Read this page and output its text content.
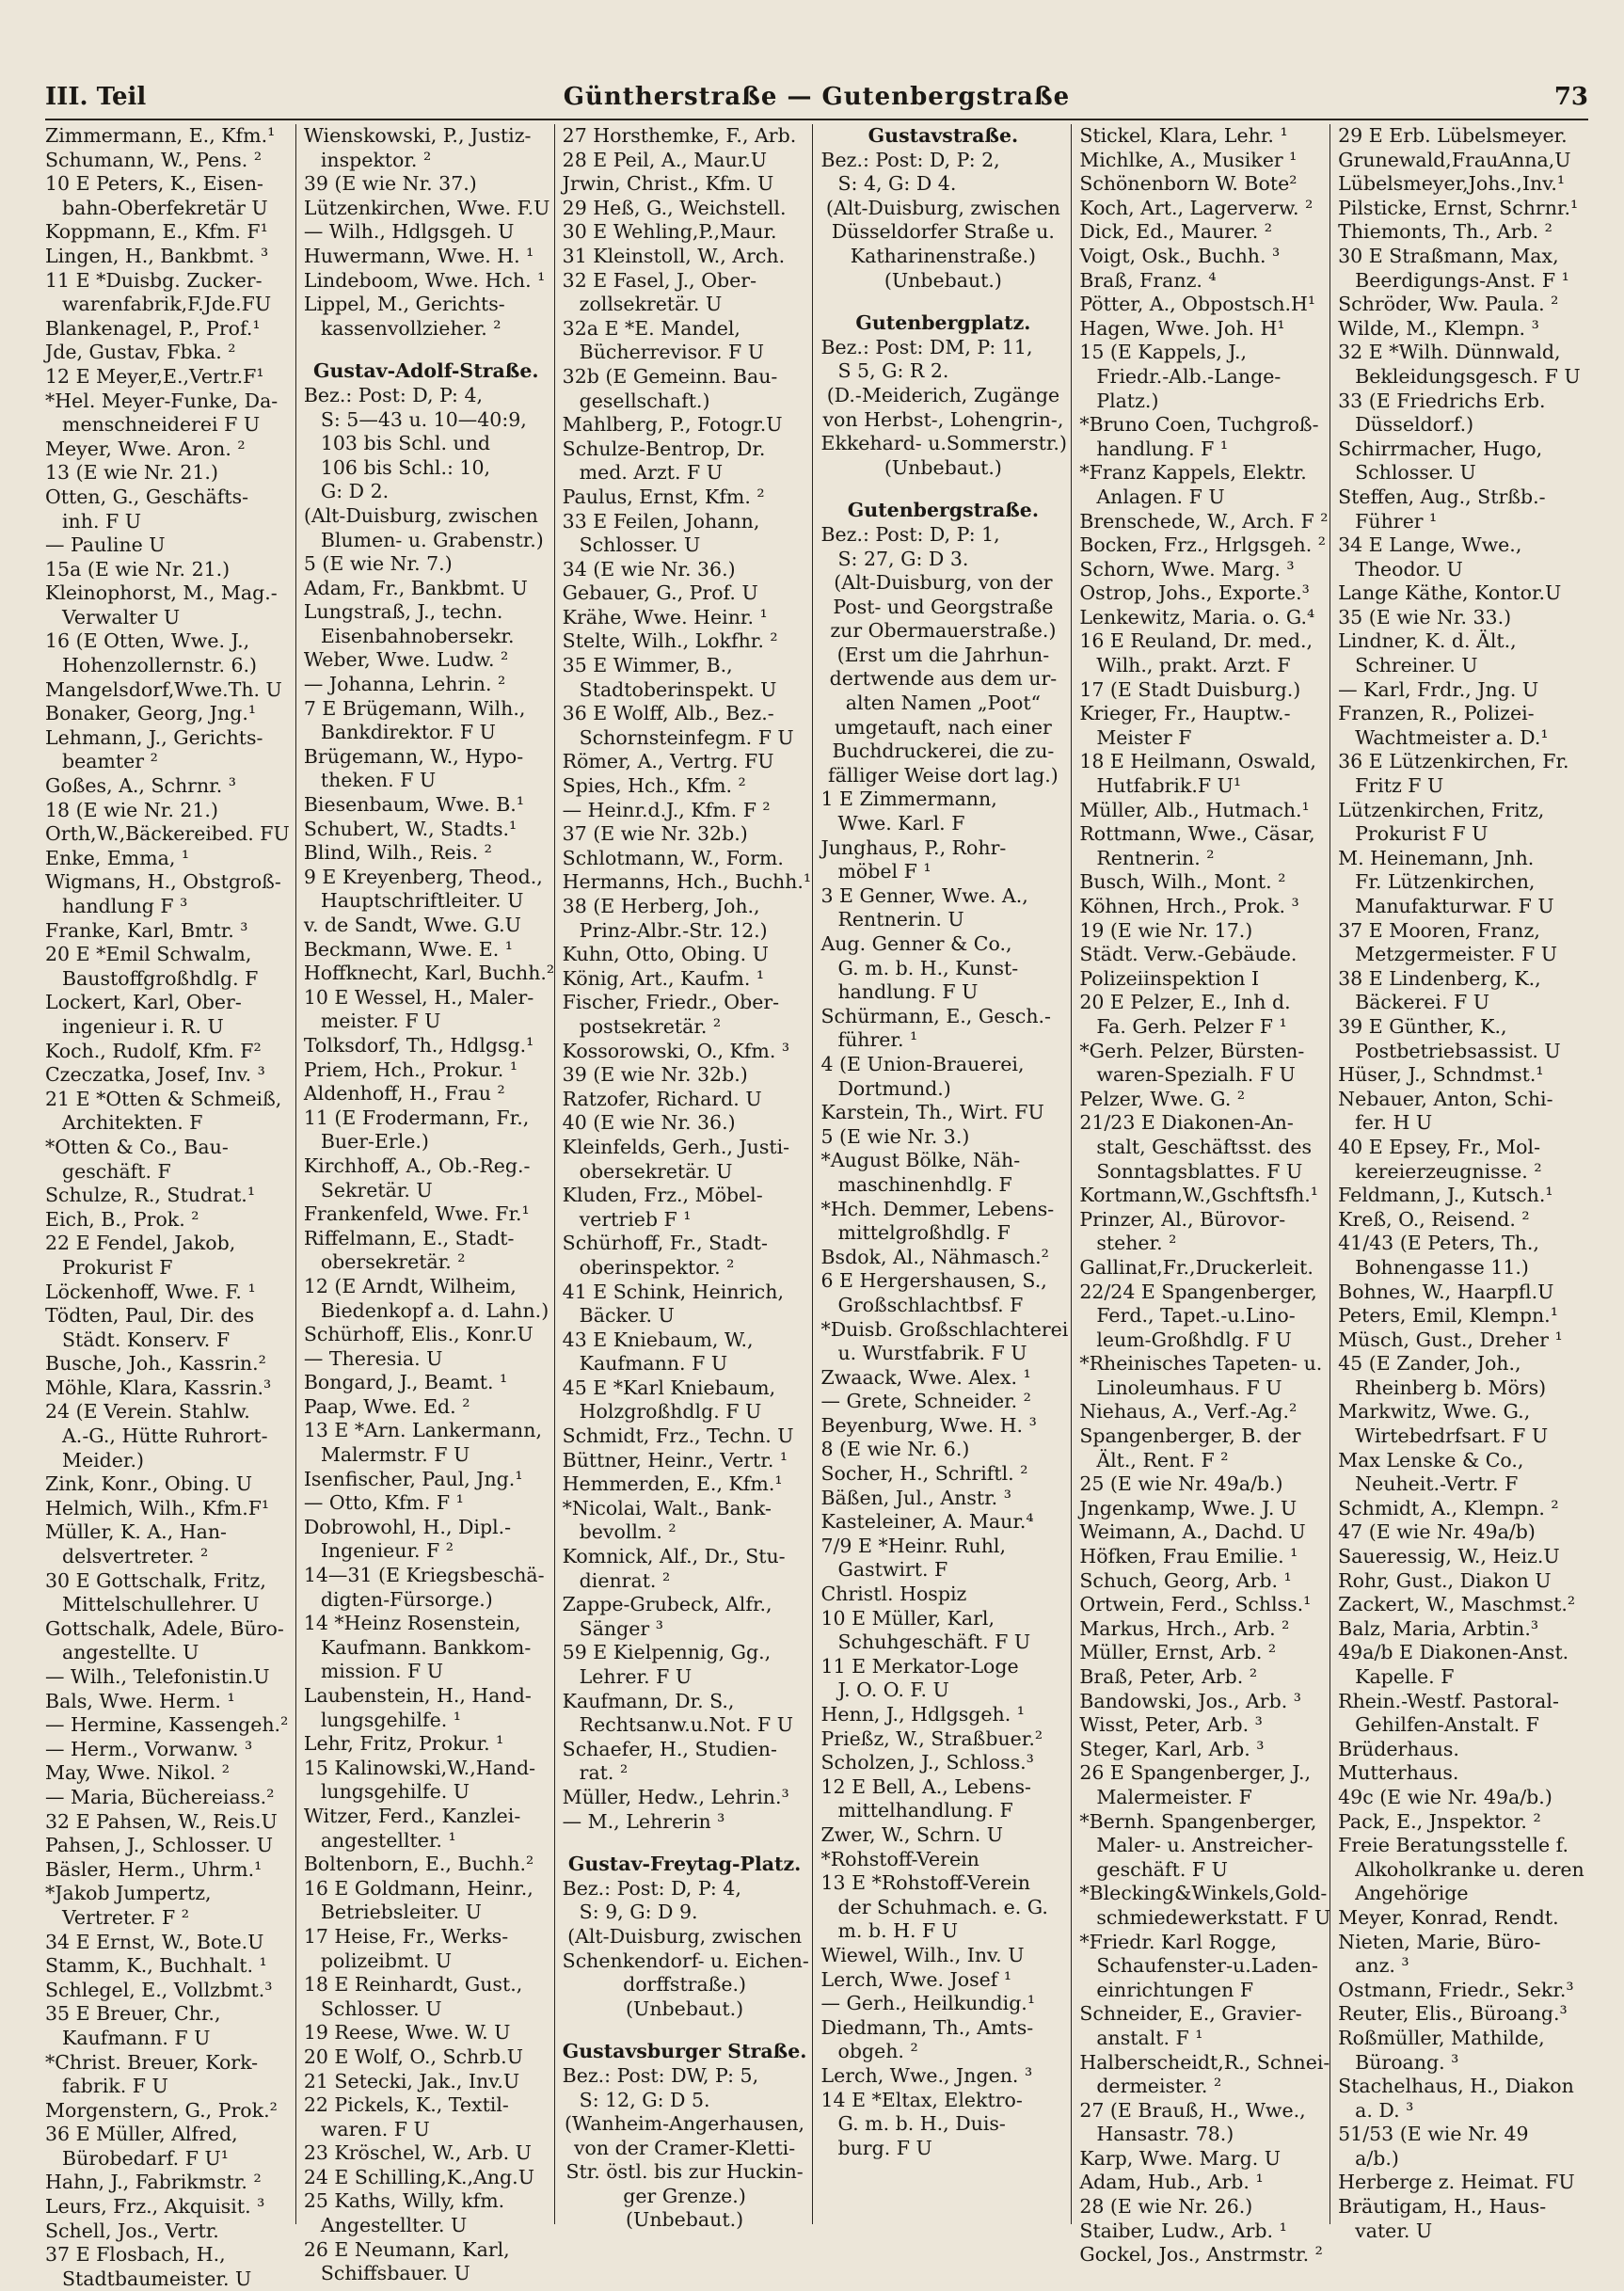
III. Teil	Güntherstraße — Gutenbergstraße	73
Zimmermann, E., Kfm.¹
Schumann, W., Pens. ²
10 E Peters, K., Eisen-
bahn-Oberfekretär U
Koppmann, E., Kfm. F¹
Lingen, H., Bankbmt. ³
11 E *Duisbg. Zucker-
warenfabrik,F.Jde.FU
Blankenagel, P., Prof.¹
Jde, Gustav, Fbka. ²
12 E Meyer,E.,Vertr.F¹
*Hel. Meyer-Funke, Da-
menschneiderei F U
Meyer, Wwe. Aron. ²
13 (E wie Nr. 21.)
Otten, G., Geschäfts-
inh. F U
— Pauline U
15a (E wie Nr. 21.)
Kleinophorst, M., Mag.-
Verwalter U
16 (E Otten, Wwe. J.,
Hohenzollernstr. 6.)
Mangelsdorf,Wwe.Th. U
Bonaker, Georg, Jng.¹
Lehmann, J., Gerichts-
beamter ²
Goßes, A., Schrnr. ³
18 (E wie Nr. 21.)
Orth,W.,Bäckereibed. FU
Enke, Emma, ¹
Wigmans, H., Obstgroß-
handlung F ³
Franke, Karl, Bmtr. ³
20 E *Emil Schwalm,
Baustoffgroßhdlg. F
Lockert, Karl, Ober-
ingenieur i. R. U
Koch., Rudolf, Kfm. F²
Czeczatka, Josef, Inv. ³
21 E *Otten & Schmeiß,
Architekten. F
*Otten & Co., Bau-
geschäft. F
Schulze, R., Studrat.¹
Eich, B., Prok. ²
22 E Fendel, Jakob,
Prokurist F
Löckenhoff, Wwe. F. ¹
Tödten, Paul, Dir. des
Städt. Konserv. F
Busche, Joh., Kassrin.²
Möhle, Klara, Kassrin.³
24 (E Verein. Stahlw.
A.-G., Hütte Ruhrort-
Meider.)
Zink, Konr., Obing. U
Helmich, Wilh., Kfm.F¹
Müller, K. A., Han-
delsvertreter. ²
30 E Gottschalk, Fritz,
Mittelschullehrer. U
Gottschalk, Adele, Büro-
angestellte. U
— Wilh., Telefonistin.U
Bals, Wwe. Herm. ¹
— Hermine, Kassengeh.²
— Herm., Vorwanw. ³
May, Wwe. Nikol. ²
— Maria, Büchereiass.²
32 E Pahsen, W., Reis.U
Pahsen, J., Schlosser. U
Bäsler, Herm., Uhrm.¹
*Jakob Jumpertz,
Vertreter. F ²
34 E Ernst, W., Bote.U
Stamm, K., Buchhalt. ¹
Schlegel, E., Vollzbmt.³
35 E Breuer, Chr.,
Kaufmann. F U
*Christ. Breuer, Kork-
fabrik. F U
Morgenstern, G., Prok.²
36 E Müller, Alfred,
Bürobedarf. F U¹
Hahn, J., Fabrikmstr. ²
Leurs, Frz., Akquisit. ³
Schell, Jos., Vertr.
37 E Flosbach, H.,
Stadtbaumeister. U
Wienskowski, P., Justiz-
inspektor. ²
39 (E wie Nr. 37.)
Lützenkirchen, Wwe. F.U
— Wilh., Hdlgsgeh. U
Huwermann, Wwe. H. ¹
Lindeboom, Wwe. Hch. ¹
Lippel, M., Gerichts-
kassenvollzieher. ²
Gustav-Adolf-Straße.
Bez.: Post: D, P: 4,
S: 5—43 u. 10—40:9,
103 bis Schl. und
106 bis Schl.: 10,
G: D 2.
(Alt-Duisburg, zwischen
Blumen- u. Grabenstr.)
5 (E wie Nr. 7.)
Adam, Fr., Bankbmt. U
Lungstraß, J., techn.
Eisenbahnobersekr.
Weber, Wwe. Ludw. ²
— Johanna, Lehrin. ²
7 E Brügemann, Wilh.,
Bankdirektor. F U
Brügemann, W., Hypo-
theken. F U
Biesenbaum, Wwe. B.¹
Schubert, W., Stadts.¹
Blind, Wilh., Reis. ²
9 E Kreyenberg, Theod.,
Hauptschriftleiter. U
v. de Sandt, Wwe. G.U
Beckmann, Wwe. E. ¹
Hoffknecht, Karl, Buchh.²
10 E Wessel, H., Maler-
meister. F U
Tolksdorf, Th., Hdlgsg.¹
Priem, Hch., Prokur. ¹
Aldenhoff, H., Frau ²
11 (E Frodermann, Fr.,
Buer-Erle.)
Kirchhoff, A., Ob.-Reg.-
Sekretär. U
Frankenfeld, Wwe. Fr.¹
Riffelmann, E., Stadt-
obersekretär. ²
12 (E Arndt, Wilheim,
Biedenkopf a. d. Lahn.)
Schürhoff, Elis., Konr.U
— Theresia. U
Bongard, J., Beamt. ¹
Paap, Wwe. Ed. ²
13 E *Arn. Lankermann,
Malermstr. F U
Isenfischer, Paul, Jng.¹
— Otto, Kfm. F ¹
Dobrowohl, H., Dipl.-
Ingenieur. F ²
14—31 (E Kriegsbeschä-
digten-Fürsorge.)
14 *Heinz Rosenstein,
Kaufmann. Bankkom-
mission. F U
Laubenstein, H., Hand-
lungsgehilfe. ¹
Lehr, Fritz, Prokur. ¹
15 Kalinowski,W.,Hand-
lungsgehilfe. U
Witzer, Ferd., Kanzlei-
angestellter. ¹
Boltenborn, E., Buchh.²
16 E Goldmann, Heinr.,
Betriebsleiter. U
17 Heise, Fr., Werks-
polizeibmt. U
18 E Reinhardt, Gust.,
Schlosser. U
19 Reese, Wwe. W. U
20 E Wolf, O., Schrb.U
21 Setecki, Jak., Inv.U
22 Pickels, K., Textil-
waren. F U
23 Kröschel, W., Arb. U
24 E Schilling,K.,Ang.U
25 Kaths, Willy, kfm.
Angestellter. U
26 E Neumann, Karl,
Schiffsbauer. U
27 Horsthemke, F., Arb.
28 E Peil, A., Maur.U
Jrwin, Christ., Kfm. U
29 Heß, G., Weichstell.
30 E Wehling,P.,Maur.
31 Kleinstoll, W., Arch.
32 E Fasel, J., Ober-
zollsekretär. U
32a E *E. Mandel,
Bücherrevisor. F U
32b (E Gemeinn. Bau-
gesellschaft.)
Mahlberg, P., Fotogr.U
Schulze-Bentrop, Dr.
med. Arzt. F U
Paulus, Ernst, Kfm. ²
33 E Feilen, Johann,
Schlosser. U
34 (E wie Nr. 36.)
Gebauer, G., Prof. U
Krähe, Wwe. Heinr. ¹
Stelte, Wilh., Lokfhr. ²
35 E Wimmer, B.,
Stadtoberinspekt. U
36 E Wolff, Alb., Bez.-
Schornsteinfegm. F U
Römer, A., Vertrg. FU
Spies, Hch., Kfm. ²
— Heinr.d.J., Kfm. F ²
37 (E wie Nr. 32b.)
Schlotmann, W., Form.
Hermanns, Hch., Buchh.¹
38 (E Herberg, Joh.,
Prinz-Albr.-Str. 12.)
Kuhn, Otto, Obing. U
König, Art., Kaufm. ¹
Fischer, Friedr., Ober-
postsekretär. ²
Kossorowski, O., Kfm. ³
39 (E wie Nr. 32b.)
Ratzofer, Richard. U
40 (E wie Nr. 36.)
Kleinfelds, Gerh., Justi-
obersekretär. U
Kluden, Frz., Möbel-
vertrieb F ¹
Schürhoff, Fr., Stadt-
oberinspektor. ²
41 E Schink, Heinrich,
Bäcker. U
43 E Kniebaum, W.,
Kaufmann. F U
45 E *Karl Kniebaum,
Holzgroßhdlg. F U
Schmidt, Frz., Techn. U
Büttner, Heinr., Vertr. ¹
Hemmerden, E., Kfm.¹
*Nicolai, Walt., Bank-
bevollm. ²
Komnick, Alf., Dr., Stu-
dienrat. ²
Zappe-Grubeck, Alfr.,
Sänger ³
59 E Kielpennig, Gg.,
Lehrer. F U
Kaufmann, Dr. S.,
Rechtsanw.u.Not. F U
Schaefer, H., Studien-
rat. ²
Müller, Hedw., Lehrin.³
— M., Lehrerin ³
Gustav-Freytag-Platz.
Bez.: Post: D, P: 4,
S: 9, G: D 9.
(Alt-Duisburg, zwischen
Schenkendorf- u. Eichen-
dorffstraße.)
(Unbebaut.)
Gustavsburger Straße.
Bez.: Post: DW, P: 5,
S: 12, G: D 5.
(Wanheim-Angerhausen,
von der Cramer-Kletti-
Str. östl. bis zur Huckin-
ger Grenze.)
(Unbebaut.)
Gustavstraße.
Bez.: Post: D, P: 2,
S: 4, G: D 4.
(Alt-Duisburg, zwischen
Düsseldorfer Straße u.
Katharinenstraße.)
(Unbebaut.)
Gutenbergplatz.
Bez.: Post: DM, P: 11,
S 5, G: R 2.
(D.-Meiderich, Zugänge
von Herbst-, Lohengrin-,
Ekkehard- u.Sommerstr.)
(Unbebaut.)
Gutenbergstraße.
Bez.: Post: D, P: 1,
S: 27, G: D 3.
(Alt-Duisburg, von der
Post- und Georgstraße
zur Obermauerstraße.)
(Erst um die Jahrhun-
dertwende aus dem ur-
alten Namen „Poot“
umgetauft, nach einer
Buchdruckerei, die zu-
fälliger Weise dort lag.)
1 E Zimmermann,
Wwe. Karl. F
Junghaus, P., Rohr-
möbel F ¹
3 E Genner, Wwe. A.,
Rentnerin. U
Aug. Genner & Co.,
G. m. b. H., Kunst-
handlung. F U
Schürmann, E., Gesch.-
führer. ¹
4 (E Union-Brauerei,
Dortmund.)
Karstein, Th., Wirt. FU
5 (E wie Nr. 3.)
*August Bölke, Näh-
maschinenhdlg. F
*Hch. Demmer, Lebens-
mittelgroßhdlg. F
Bsdok, Al., Nähmasch.²
6 E Hergershausen, S.,
Großschlachtbsf. F
*Duisb. Großschlachterei
u. Wurstfabrik. F U
Zwaack, Wwe. Alex. ¹
— Grete, Schneider. ²
Beyenburg, Wwe. H. ³
8 (E wie Nr. 6.)
Socher, H., Schriftl. ²
Bäßen, Jul., Anstr. ³
Kasteleiner, A. Maur.⁴
7/9 E *Heinr. Ruhl,
Gastwirt. F
Christl. Hospiz
10 E Müller, Karl,
Schuhgeschäft. F U
11 E Merkator-Loge
J. O. O. F. U
Henn, J., Hdlgsgeh. ¹
Prießz, W., Straßbuer.²
Scholzen, J., Schloss.³
12 E Bell, A., Lebens-
mittelhandlung. F
Zwer, W., Schrn. U
*Rohstoff-Verein
13 E *Rohstoff-Verein
der Schuhmach. e. G.
m. b. H. F U
Wiewel, Wilh., Inv. U
Lerch, Wwe. Josef ¹
— Gerh., Heilkundig.¹
Diedmann, Th., Amts-
obgeh. ²
Lerch, Wwe., Jngen. ³
14 E *Eltax, Elektro-
G. m. b. H., Duis-
burg. F U
Stickel, Klara, Lehr. ¹
Michlke, A., Musiker ¹
Schönenborn W. Bote²
Koch, Art., Lagerverw. ²
Dick, Ed., Maurer. ²
Voigt, Osk., Buchh. ³
Braß, Franz. ⁴
Pötter, A., Obpostsch.H¹
Hagen, Wwe. Joh. H¹
15 (E Kappels, J.,
Friedr.-Alb.-Lange-
Platz.)
*Bruno Coen, Tuchgroß-
handlung. F ¹
*Franz Kappels, Elektr.
Anlagen. F U
Brenschede, W., Arch. F ²
Bocken, Frz., Hrlgsgeh. ²
Schorn, Wwe. Marg. ³
Ostrop, Johs., Exporte.³
Lenkewitz, Maria. o. G.⁴
16 E Reuland, Dr. med.,
Wilh., prakt. Arzt. F
17 (E Stadt Duisburg.)
Krieger, Fr., Hauptw.-
Meister F
18 E Heilmann, Oswald,
Hutfabrik.F U¹
Müller, Alb., Hutmach.¹
Rottmann, Wwe., Cäsar,
Rentnerin. ²
Busch, Wilh., Mont. ²
Köhnen, Hrch., Prok. ³
19 (E wie Nr. 17.)
Städt. Verw.-Gebäude.
Polizeiinspektion I
20 E Pelzer, E., Inh d.
Fa. Gerh. Pelzer F ¹
*Gerh. Pelzer, Bürsten-
waren-Spezialh. F U
Pelzer, Wwe. G. ²
21/23 E Diakonen-An-
stalt, Geschäftsst. des
Sonntagsblattes. F U
Kortmann,W.,Gschftsfh.¹
Prinzer, Al., Bürovor-
steher. ²
Gallinat,Fr.,Druckerleit.
22/24 E Spangenberger,
Ferd., Tapet.-u.Lino-
leum-Großhdlg. F U
*Rheinisches Tapeten- u.
Linoleumhaus. F U
Niehaus, A., Verf.-Ag.²
Spangenberger, B. der
Ält., Rent. F ²
25 (E wie Nr. 49a/b.)
Jngenkamp, Wwe. J. U
Weimann, A., Dachd. U
Höfken, Frau Emilie. ¹
Schuch, Georg, Arb. ¹
Ortwein, Ferd., Schlss.¹
Markus, Hrch., Arb. ²
Müller, Ernst, Arb. ²
Braß, Peter, Arb. ²
Bandowski, Jos., Arb. ³
Wisst, Peter, Arb. ³
Steger, Karl, Arb. ³
26 E Spangenberger, J.,
Malermeister. F
*Bernh. Spangenberger,
Maler- u. Anstreicher-
geschäft. F U
*Blecking&Winkels,Gold-
schmiedewerkstatt. F U
*Friedr. Karl Rogge,
Schaufenster-u.Laden-
einrichtungen F
Schneider, E., Gravier-
anstalt. F ¹
Halberscheidt,R., Schnei-
dermeister. ²
27 (E Brauß, H., Wwe.,
Hansastr. 78.)
Karp, Wwe. Marg. U
Adam, Hub., Arb. ¹
28 (E wie Nr. 26.)
Staiber, Ludw., Arb. ¹
Gockel, Jos., Anstrmstr. ²
29 E Erb. Lübelsmeyer.
Grunewald,FrauAnna,U
Lübelsmeyer,Johs.,Inv.¹
Pilsticke, Ernst, Schrnr.¹
Thiemonts, Th., Arb. ²
30 E Straßmann, Max,
Beerdigungs-Anst. F ¹
Schröder, Ww. Paula. ²
Wilde, M., Klempn. ³
32 E *Wilh. Dünnwald,
Bekleidungsgesch. F U
33 (E Friedrichs Erb.
Düsseldorf.)
Schirrmacher, Hugo,
Schlosser. U
Steffen, Aug., Strßb.-
Führer ¹
34 E Lange, Wwe.,
Theodor. U
Lange Käthe, Kontor.U
35 (E wie Nr. 33.)
Lindner, K. d. Ält.,
Schreiner. U
— Karl, Frdr., Jng. U
Franzen, R., Polizei-
Wachtmeister a. D.¹
36 E Lützenkirchen, Fr.
Fritz F U
Lützenkirchen, Fritz,
Prokurist F U
M. Heinemann, Jnh.
Fr. Lützenkirchen,
Manufakturwar. F U
37 E Mooren, Franz,
Metzgermeister. F U
38 E Lindenberg, K.,
Bäckerei. F U
39 E Günther, K.,
Postbetriebsassist. U
Hüser, J., Schndmst.¹
Nebauer, Anton, Schi-
fer. H U
40 E Epsey, Fr., Mol-
kereierzeugnisse. ²
Feldmann, J., Kutsch.¹
Kreß, O., Reisend. ²
41/43 (E Peters, Th.,
Bohnengasse 11.)
Bohnes, W., Haarpfl.U
Peters, Emil, Klempn.¹
Müsch, Gust., Dreher ¹
45 (E Zander, Joh.,
Rheinberg b. Mörs)
Markwitz, Wwe. G.,
Wirtebedrfsart. F U
Max Lenske & Co.,
Neuheit.-Vertr. F
Schmidt, A., Klempn. ²
47 (E wie Nr. 49a/b)
Saueressig, W., Heiz.U
Rohr, Gust., Diakon U
Zackert, W., Maschmst.²
Balz, Maria, Arbtin.³
49a/b E Diakonen-Anst.
Kapelle. F
Rhein.-Westf. Pastoral-
Gehilfen-Anstalt. F
Brüderhaus.
Mutterhaus.
49c (E wie Nr. 49a/b.)
Pack, E., Jnspektor. ²
Freie Beratungsstelle f.
Alkoholkranke u. deren
Angehörige
Meyer, Konrad, Rendt.
Nieten, Marie, Büro-
anz. ³
Ostmann, Friedr., Sekr.³
Reuter, Elis., Büroang.³
Roßmüller, Mathilde,
Büroang. ³
Stachelhaus, H., Diakon
a. D. ³
51/53 (E wie Nr. 49
a/b.)
Herberge z. Heimat. FU
Bräutigam, H., Haus-
vater. U
